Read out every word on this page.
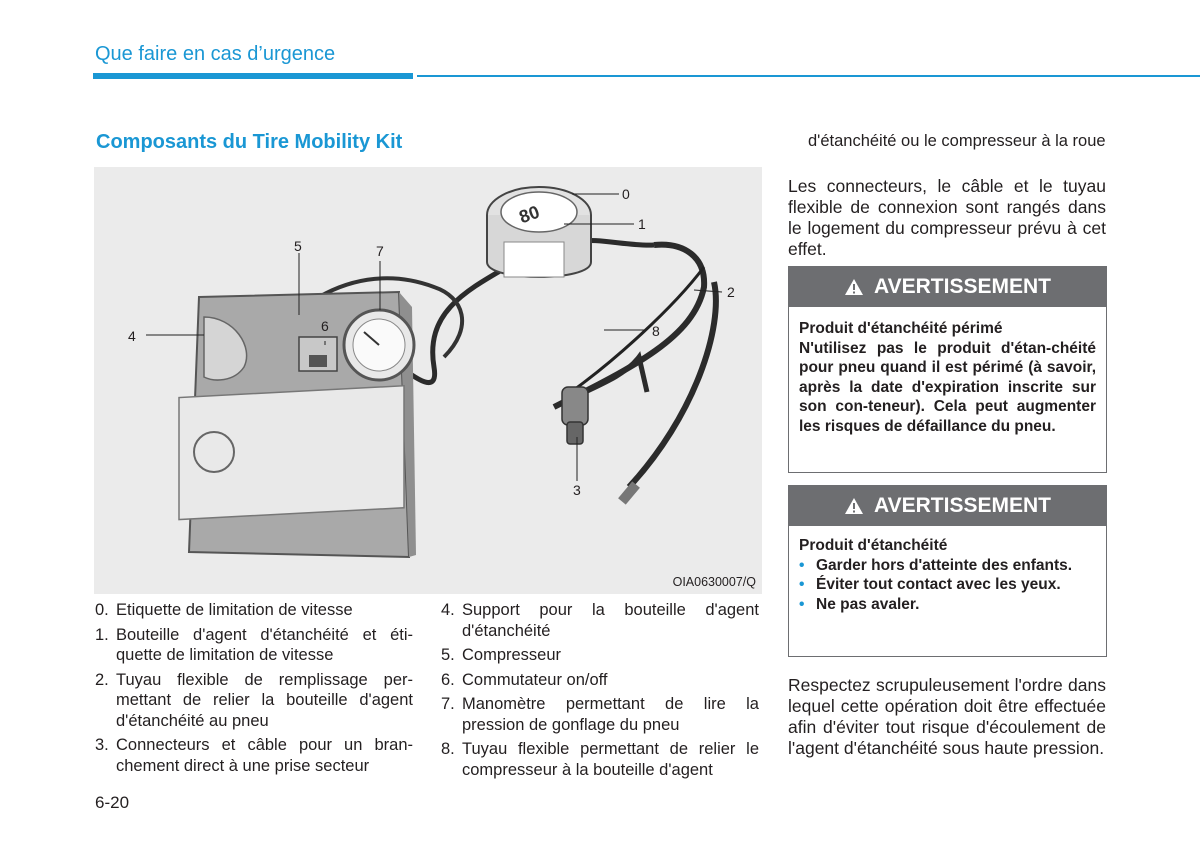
Que faire en cas d’urgence
Composants du Tire Mobility Kit
80
0
1
2
3
4
5
6
7
8
OIA0630007/Q
0. Etiquette de limitation de vitesse
1. Bouteille d'agent d'étanchéité et éti-quette de limitation de vitesse
2. Tuyau flexible de remplissage per-mettant de relier la bouteille d'agent d'étanchéité au pneu
3. Connecteurs et câble pour un bran-chement direct à une prise secteur
4. Support pour la bouteille d'agent d'étanchéité
5. Compresseur
6. Commutateur on/off
7. Manomètre permettant de lire la pression de gonflage du pneu
8. Tuyau flexible permettant de relier le compresseur à la bouteille d'agent
d'étanchéité ou le compresseur à la roue
Les connecteurs, le câble et le tuyau flexible de connexion sont rangés dans le logement du compresseur prévu à cet effet.
AVERTISSEMENT
Produit d'étanchéité périmé
N'utilisez pas le produit d'étan-chéité pour pneu quand il est périmé (à savoir, après la date d'expiration inscrite sur son con-teneur). Cela peut augmenter les risques de défaillance du pneu.
AVERTISSEMENT
Produit d'étanchéité
• Garder hors d'atteinte des enfants.
• Éviter tout contact avec les yeux.
• Ne pas avaler.
Respectez scrupuleusement l'ordre dans lequel cette opération doit être effectuée afin d'éviter tout risque d'écoulement de l'agent d'étanchéité sous haute pression.
6-20
